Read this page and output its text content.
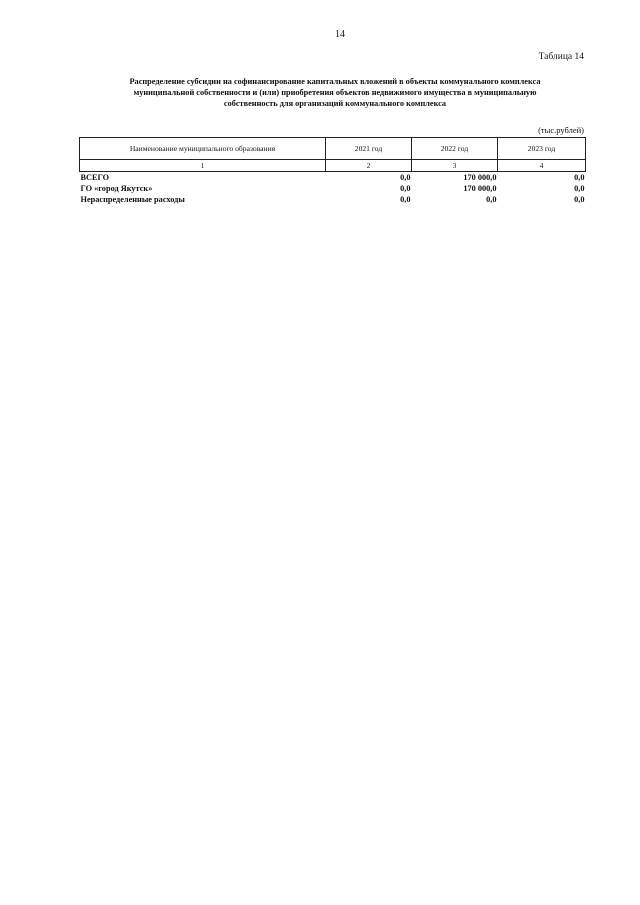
14
Таблица 14
Распределение субсидии на софинансирование капитальных вложений в объекты коммунального комплекса
муниципальной собственности и (или) приобретения объектов недвижимого имущества в муниципальную
собственность для организаций коммунального комплекса
(тыс.рублей)
Наименование муниципального образования	2021 год	2022 год	2023 год
1	2	3	4
ВСЕГО	0,0	170 000,0	0,0
ГО «город Якутск»	0,0	170 000,0	0,0
Нераспределенные расходы	0,0	0,0	0,0
